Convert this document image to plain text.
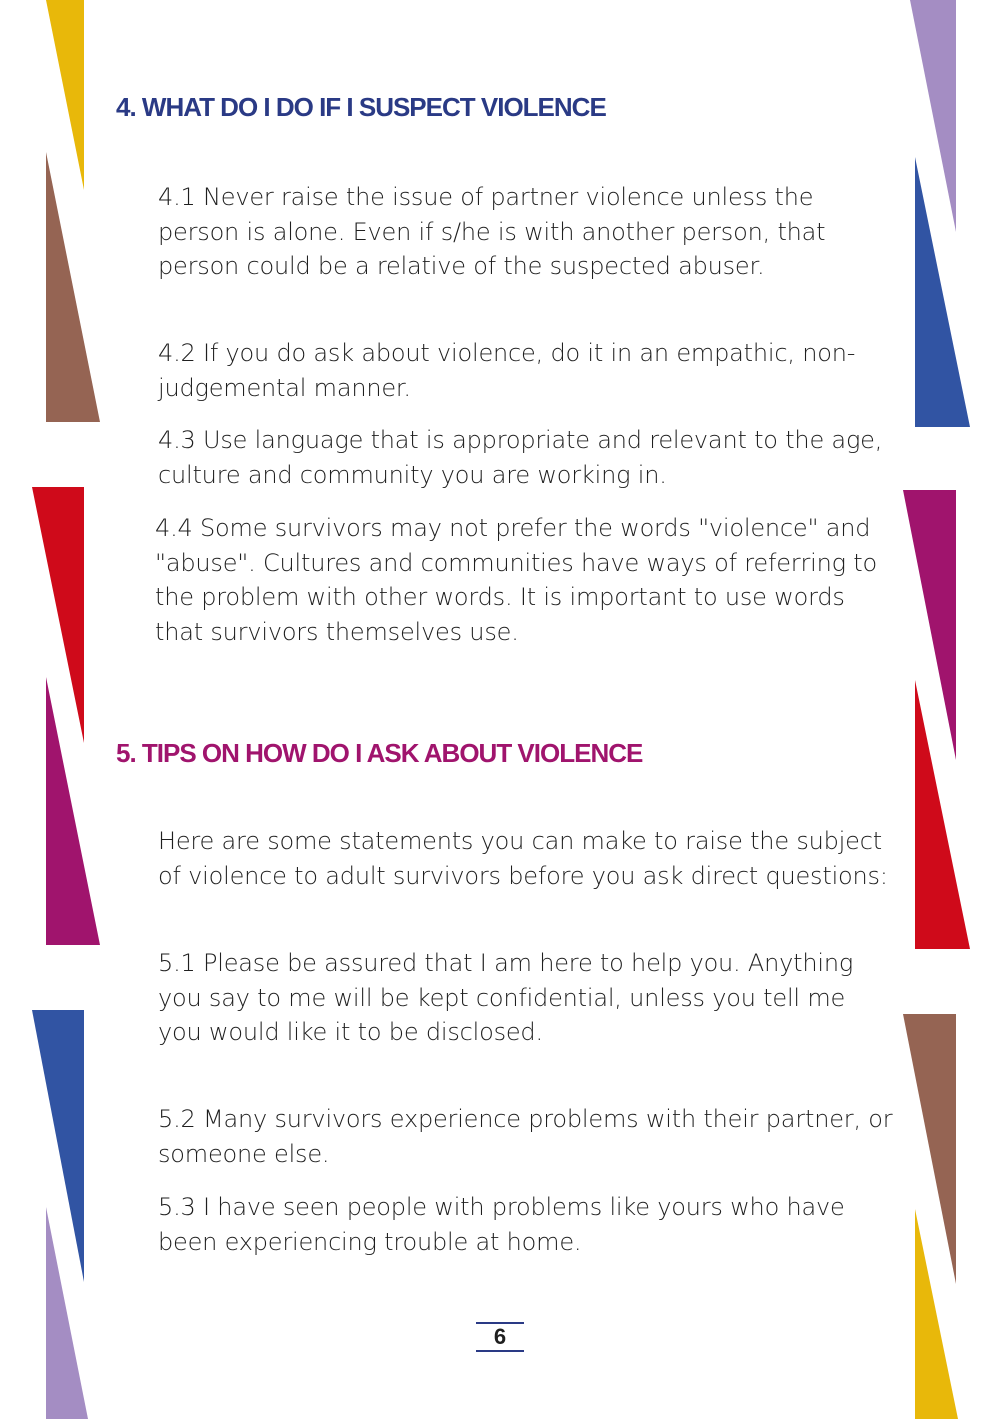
4. WHAT DO I DO IF I SUSPECT VIOLENCE

4.1 Never raise the issue of partner violence unless the person is alone. Even if s/he is with another person, that person could be a relative of the suspected abuser.

4.2 If you do ask about violence, do it in an empathic, non-judgemental manner.

4.3 Use language that is appropriate and relevant to the age, culture and community you are working in.

4.4 Some survivors may not prefer the words "violence" and "abuse". Cultures and communities have ways of referring to the problem with other words. It is important to use words that survivors themselves use.

5. TIPS ON HOW DO I ASK ABOUT VIOLENCE

Here are some statements you can make to raise the subject of violence to adult survivors before you ask direct questions:

5.1 Please be assured that I am here to help you. Anything you say to me will be kept confidential, unless you tell me you would like it to be disclosed.

5.2 Many survivors experience problems with their partner, or someone else.

5.3 I have seen people with problems like yours who have been experiencing trouble at home.

6
